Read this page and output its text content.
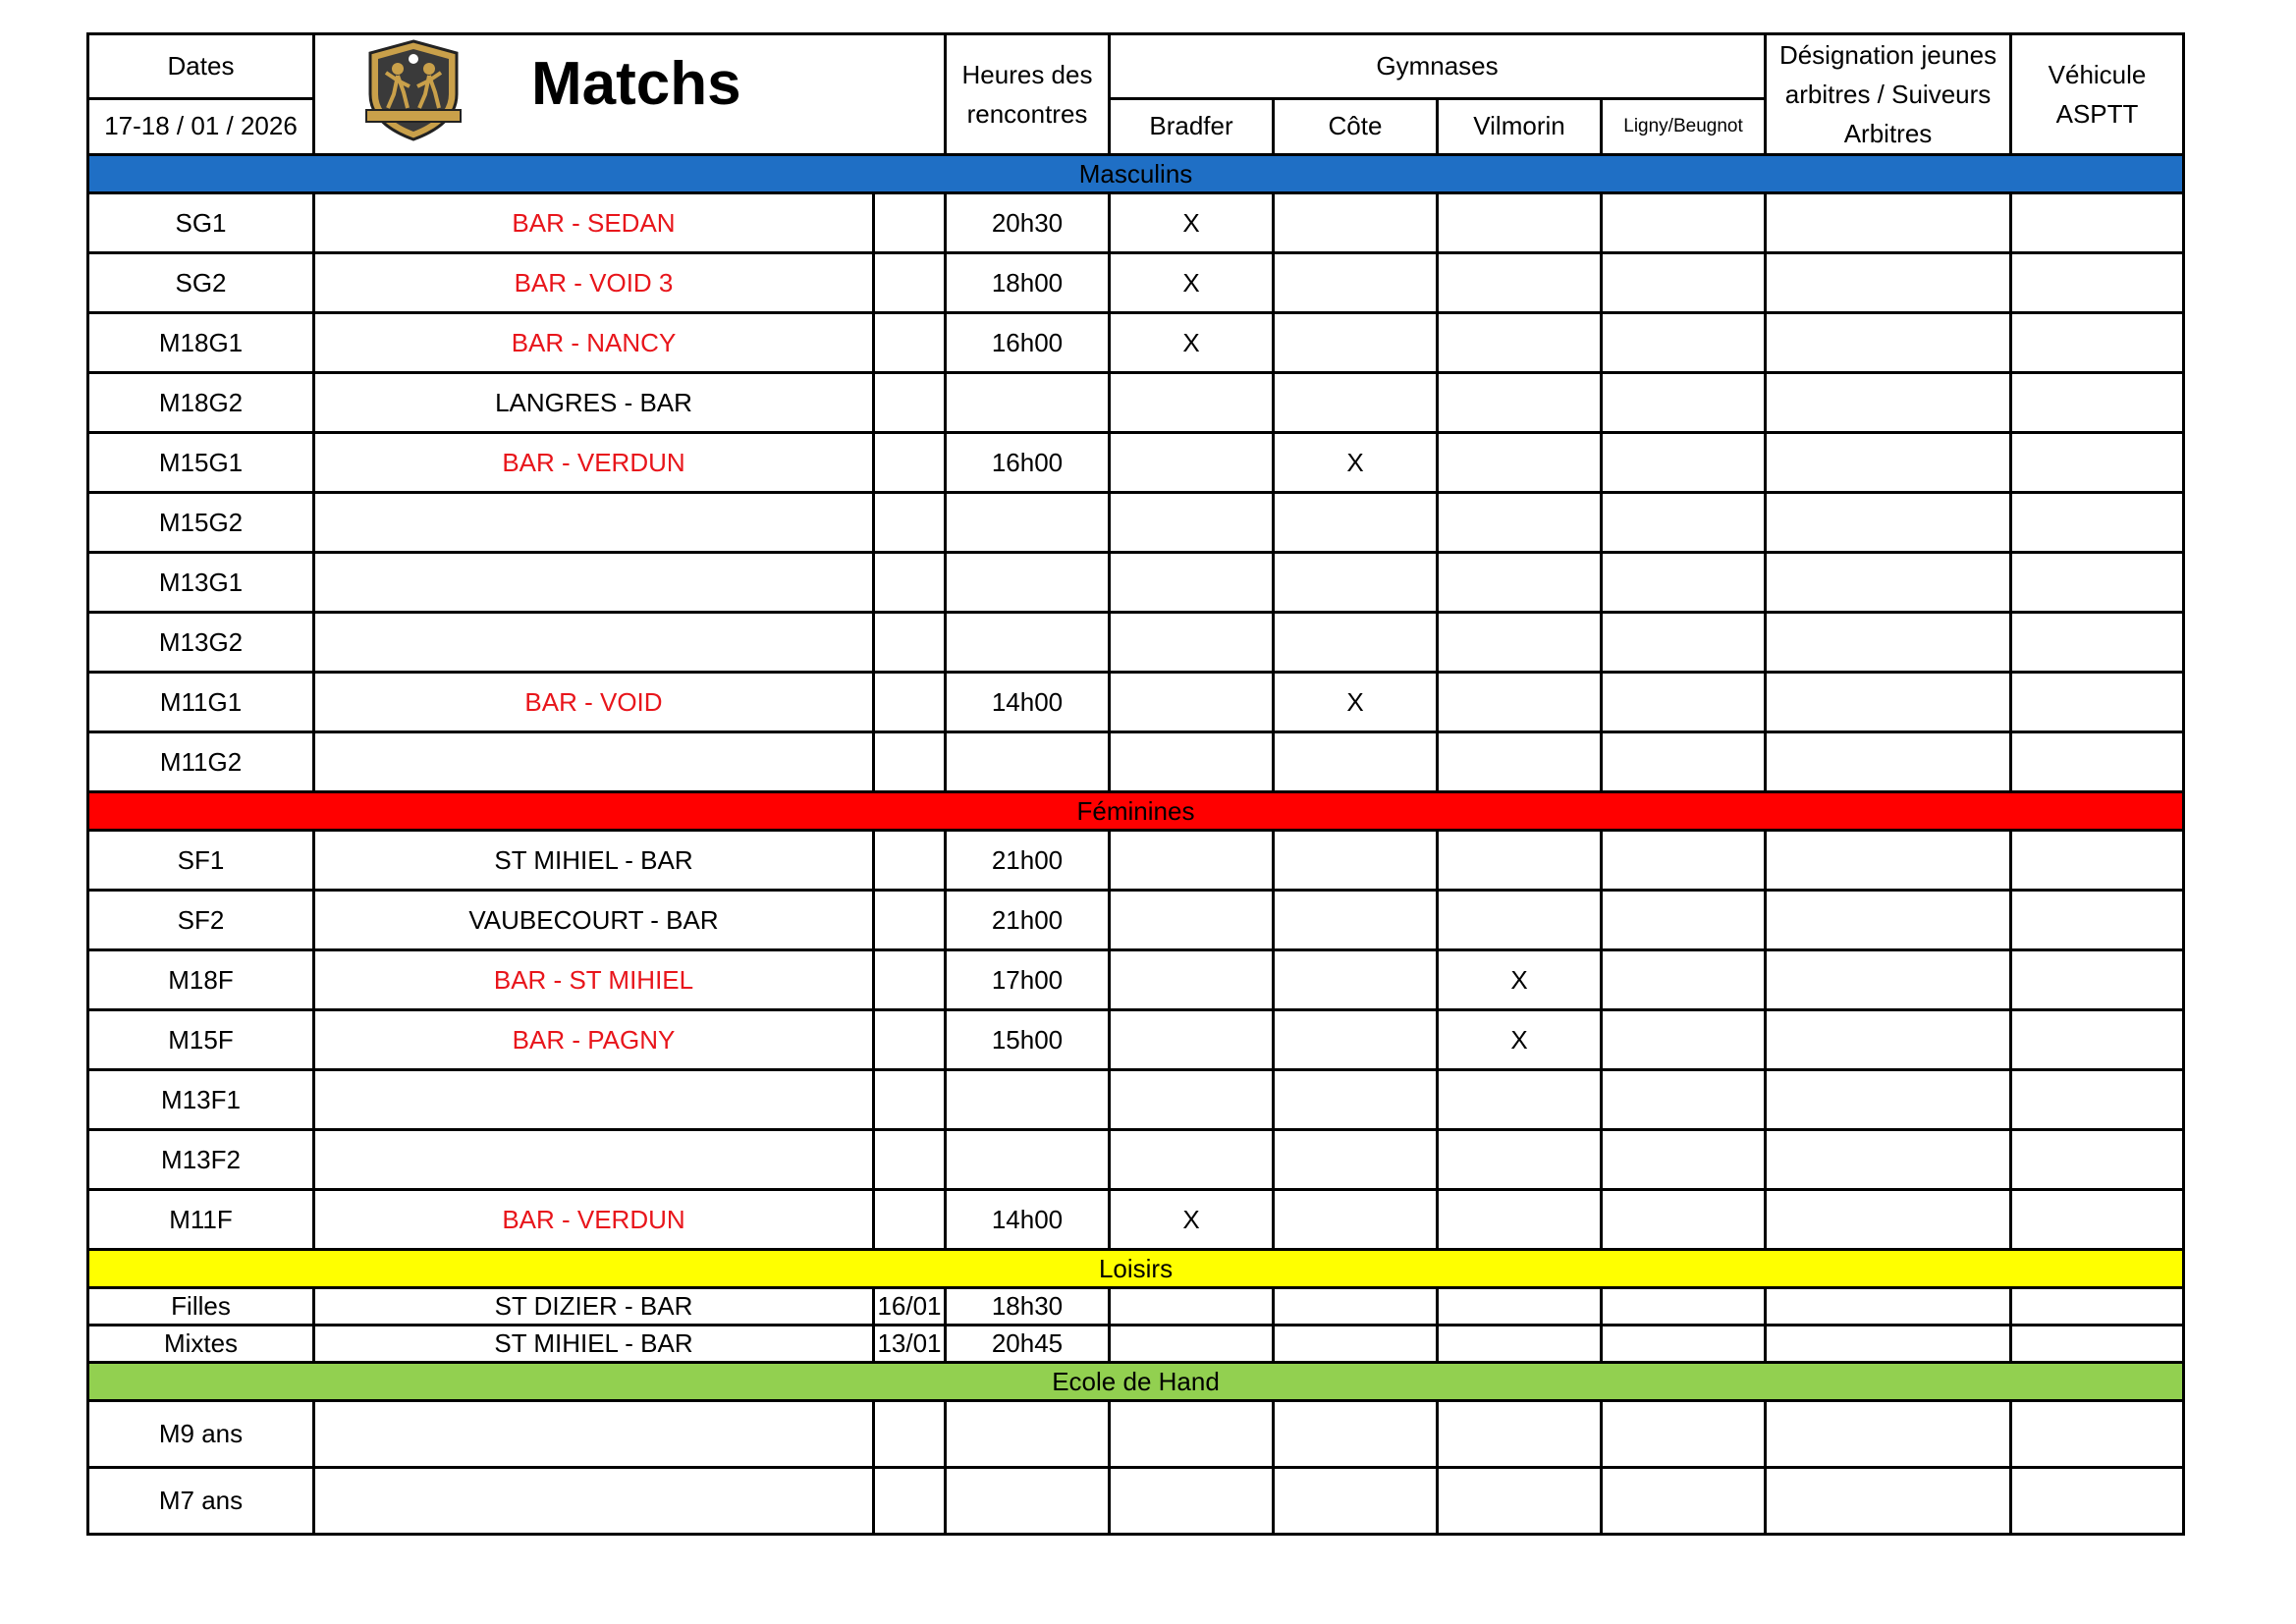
Dates	Matchs		Heures des rencontres	Gymnases				Désignation jeunes arbitres / Suiveurs Arbitres	Véhicule ASPTT
17-18 / 01 / 2026				Bradfer	Côte	Vilmorin	Ligny/Beugnot		
Masculins									
SG1	BAR - SEDAN		20h30	X					
SG2	BAR - VOID 3		18h00	X					
M18G1	BAR - NANCY		16h00	X					
M18G2	LANGRES - BAR								
M15G1	BAR - VERDUN		16h00		X				
M15G2									
M13G1									
M13G2									
M11G1	BAR - VOID		14h00		X				
M11G2									
Féminines									
SF1	ST MIHIEL - BAR		21h00						
SF2	VAUBECOURT - BAR		21h00						
M18F	BAR - ST MIHIEL		17h00			X			
M15F	BAR - PAGNY		15h00			X			
M13F1									
M13F2									
M11F	BAR - VERDUN		14h00	X					
Loisirs									
Filles	ST DIZIER - BAR	16/01	18h30						
Mixtes	ST MIHIEL - BAR	13/01	20h45						
Ecole de Hand									
M9 ans									
M7 ans									
